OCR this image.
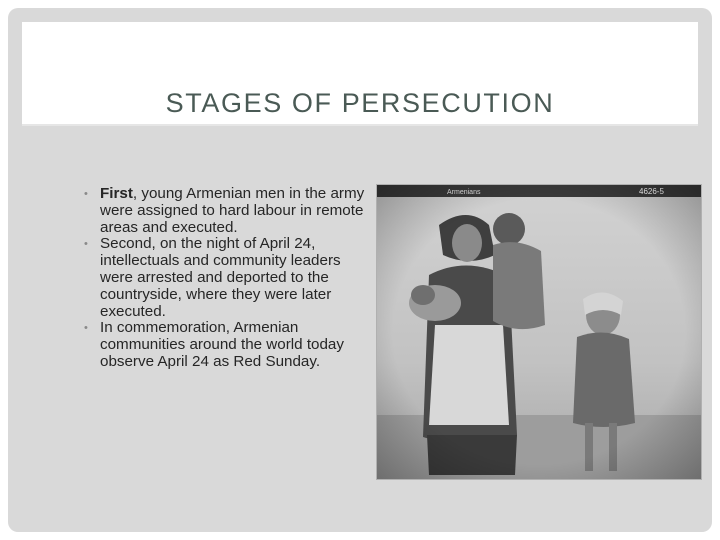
STAGES OF PERSECUTION
• First, young Armenian men in the army were assigned to hard labour in remote areas and executed.
• Second, on the night of April 24, intellectuals and community leaders were arrested and deported to the countryside, where they were later executed.
• In commemoration, Armenian communities around the world today observe April 24 as Red Sunday.
